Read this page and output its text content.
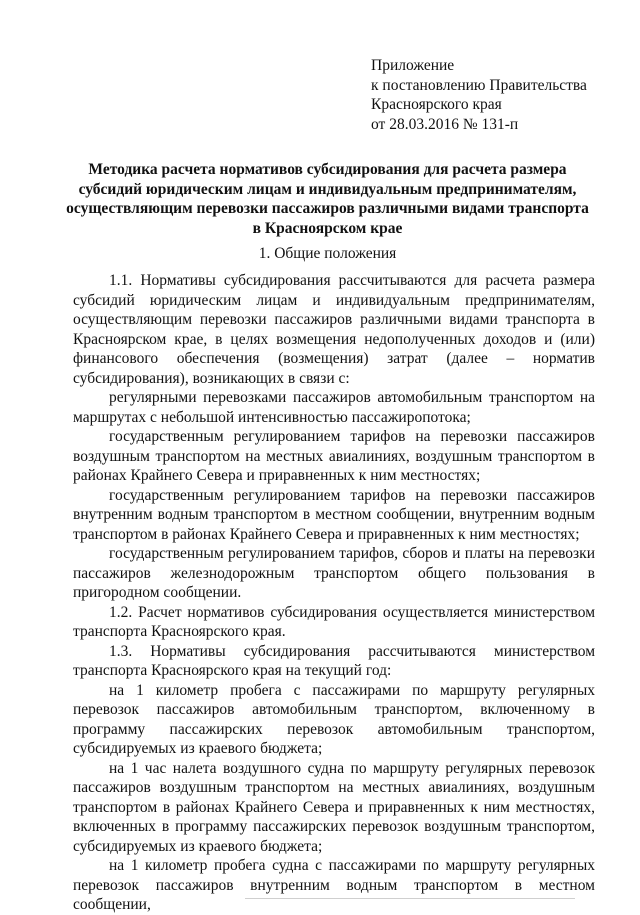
Приложение
к постановлению Правительства
Красноярского края
от 28.03.2016 № 131-п
Методика расчета нормативов субсидирования для расчета размера
субсидий юридическим лицам и индивидуальным предпринимателям,
осуществляющим перевозки пассажиров различными видами транспорта
в Красноярском крае
1. Общие положения

1.1. Нормативы субсидирования рассчитываются для расчета размера субсидий юридическим лицам и индивидуальным предпринимателям, осуществляющим перевозки пассажиров различными видами транспорта в Красноярском крае, в целях возмещения недополученных доходов и (или) финансового обеспечения (возмещения) затрат (далее – норматив субсидирования), возникающих в связи с:

регулярными перевозками пассажиров автомобильным транспортом на маршрутах с небольшой интенсивностью пассажиропотока;

государственным регулированием тарифов на перевозки пассажиров воздушным транспортом на местных авиалиниях, воздушным транспортом в районах Крайнего Севера и приравненных к ним местностях;

государственным регулированием тарифов на перевозки пассажиров внутренним водным транспортом в местном сообщении, внутренним водным транспортом в районах Крайнего Севера и приравненных к ним местностях;

государственным регулированием тарифов, сборов и платы на перевозки пассажиров железнодорожным транспортом общего пользования в пригородном сообщении.

1.2. Расчет нормативов субсидирования осуществляется министерством транспорта Красноярского края.

1.3. Нормативы субсидирования рассчитываются министерством транспорта Красноярского края на текущий год:

на 1 километр пробега с пассажирами по маршруту регулярных перевозок пассажиров автомобильным транспортом, включенному в программу пассажирских перевозок автомобильным транспортом, субсидируемых из краевого бюджета;

на 1 час налета воздушного судна по маршруту регулярных перевозок пассажиров воздушным транспортом на местных авиалиниях, воздушным транспортом в районах Крайнего Севера и приравненных к ним местностях, включенных в программу пассажирских перевозок воздушным транспортом, субсидируемых из краевого бюджета;

на 1 километр пробега судна с пассажирами по маршруту регулярных перевозок пассажиров внутренним водным транспортом в местном сообщении,
